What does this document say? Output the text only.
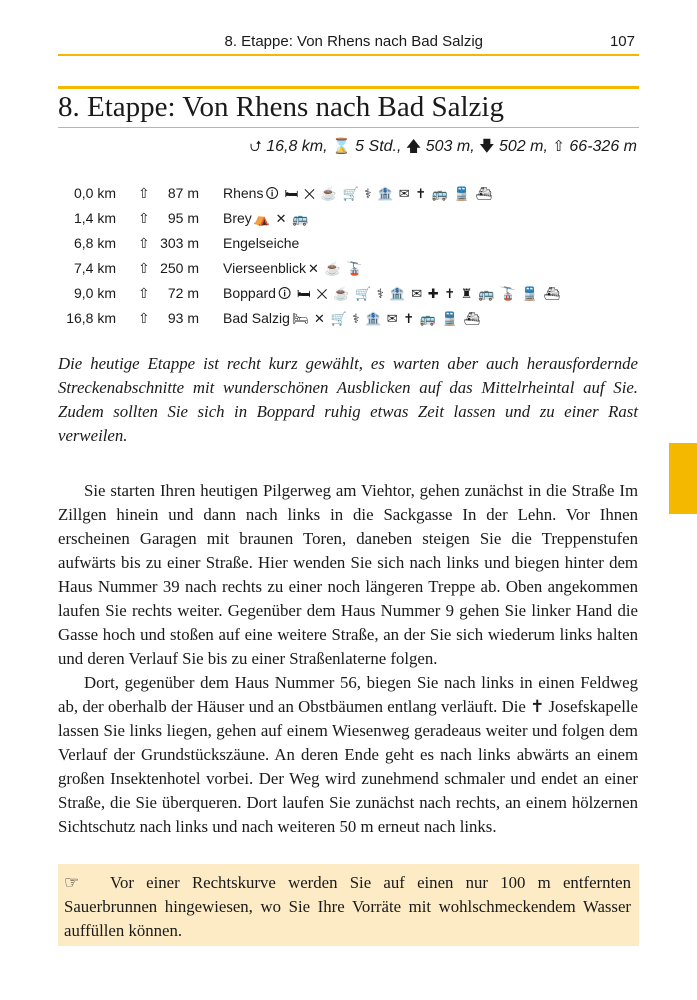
8. Etappe: Von Rhens nach Bad Salzig	107
8. Etappe: Von Rhens nach Bad Salzig
⮍ 16,8 km, ⌛ 5 Std., 🡅 503 m, 🡇 502 m, ⇧ 66-326 m
0,0 km ⇧	87 m Rhens 🛈 🛏 ✕ ☕ 🛒 ⚕ 🏦 ✉ ✝ 🚌 🚆 ⛴
1,4 km ⇧	95 m Brey ⛺ ✕ 🚌
6,8 km ⇧ 303 m Engelseiche
7,4 km ⇧ 250 m Vierseenblick ✕ ☕ 🚡
9,0 km ⇧	72 m Boppard 🛈 🛏 ✕ ☕ 🛒 ⚕ 🏦 ✉ ✚ ✝ ♜ 🚌 🚡 🚆 ⛴
16,8 km ⇧	93 m Bad Salzig 🛏 ✕ 🛒 ⚕ 🏦 ✉ ✝ 🚌 🚆 ⛴

Die heutige Etappe ist recht kurz gewählt, es warten aber auch herausfordernde Streckenabschnitte mit wunderschönen Ausblicken auf das Mittelrheintal auf Sie. Zudem sollten Sie sich in Boppard ruhig etwas Zeit lassen und zu einer Rast verweilen.

Sie starten Ihren heutigen Pilgerweg am Viehtor, gehen zunächst in die Straße Im Zillgen hinein und dann nach links in die Sackgasse In der Lehn. Vor Ihnen erscheinen Garagen mit braunen Toren, daneben steigen Sie die Treppenstufen aufwärts bis zu einer Straße. Hier wenden Sie sich nach links und biegen hinter dem Haus Nummer 39 nach rechts zu einer noch längeren Treppe ab. Oben angekommen laufen Sie rechts weiter. Gegenüber dem Haus Nummer 9 gehen Sie linker Hand die Gasse hoch und stoßen auf eine weitere Straße, an der Sie sich wiederum links halten und deren Verlauf Sie bis zu einer Straßenlaterne folgen.

Dort, gegenüber dem Haus Nummer 56, biegen Sie nach links in einen Feldweg ab, der oberhalb der Häuser und an Obstbäumen entlang verläuft. Die ✝ Josefskapelle lassen Sie links liegen, gehen auf einem Wiesenweg geradeaus weiter und folgen dem Verlauf der Grundstückszäune. An deren Ende geht es nach links abwärts an einem großen Insektenhotel vorbei. Der Weg wird zunehmend schmaler und endet an einer Straße, die Sie überqueren. Dort laufen Sie zunächst nach rechts, an einem hölzernen Sichtschutz nach links und nach weiteren 50 m erneut nach links.

☞ Vor einer Rechtskurve werden Sie auf einen nur 100 m entfernten Sauerbrunnen hingewiesen, wo Sie Ihre Vorräte mit wohlschmeckendem Wasser auffüllen können.
